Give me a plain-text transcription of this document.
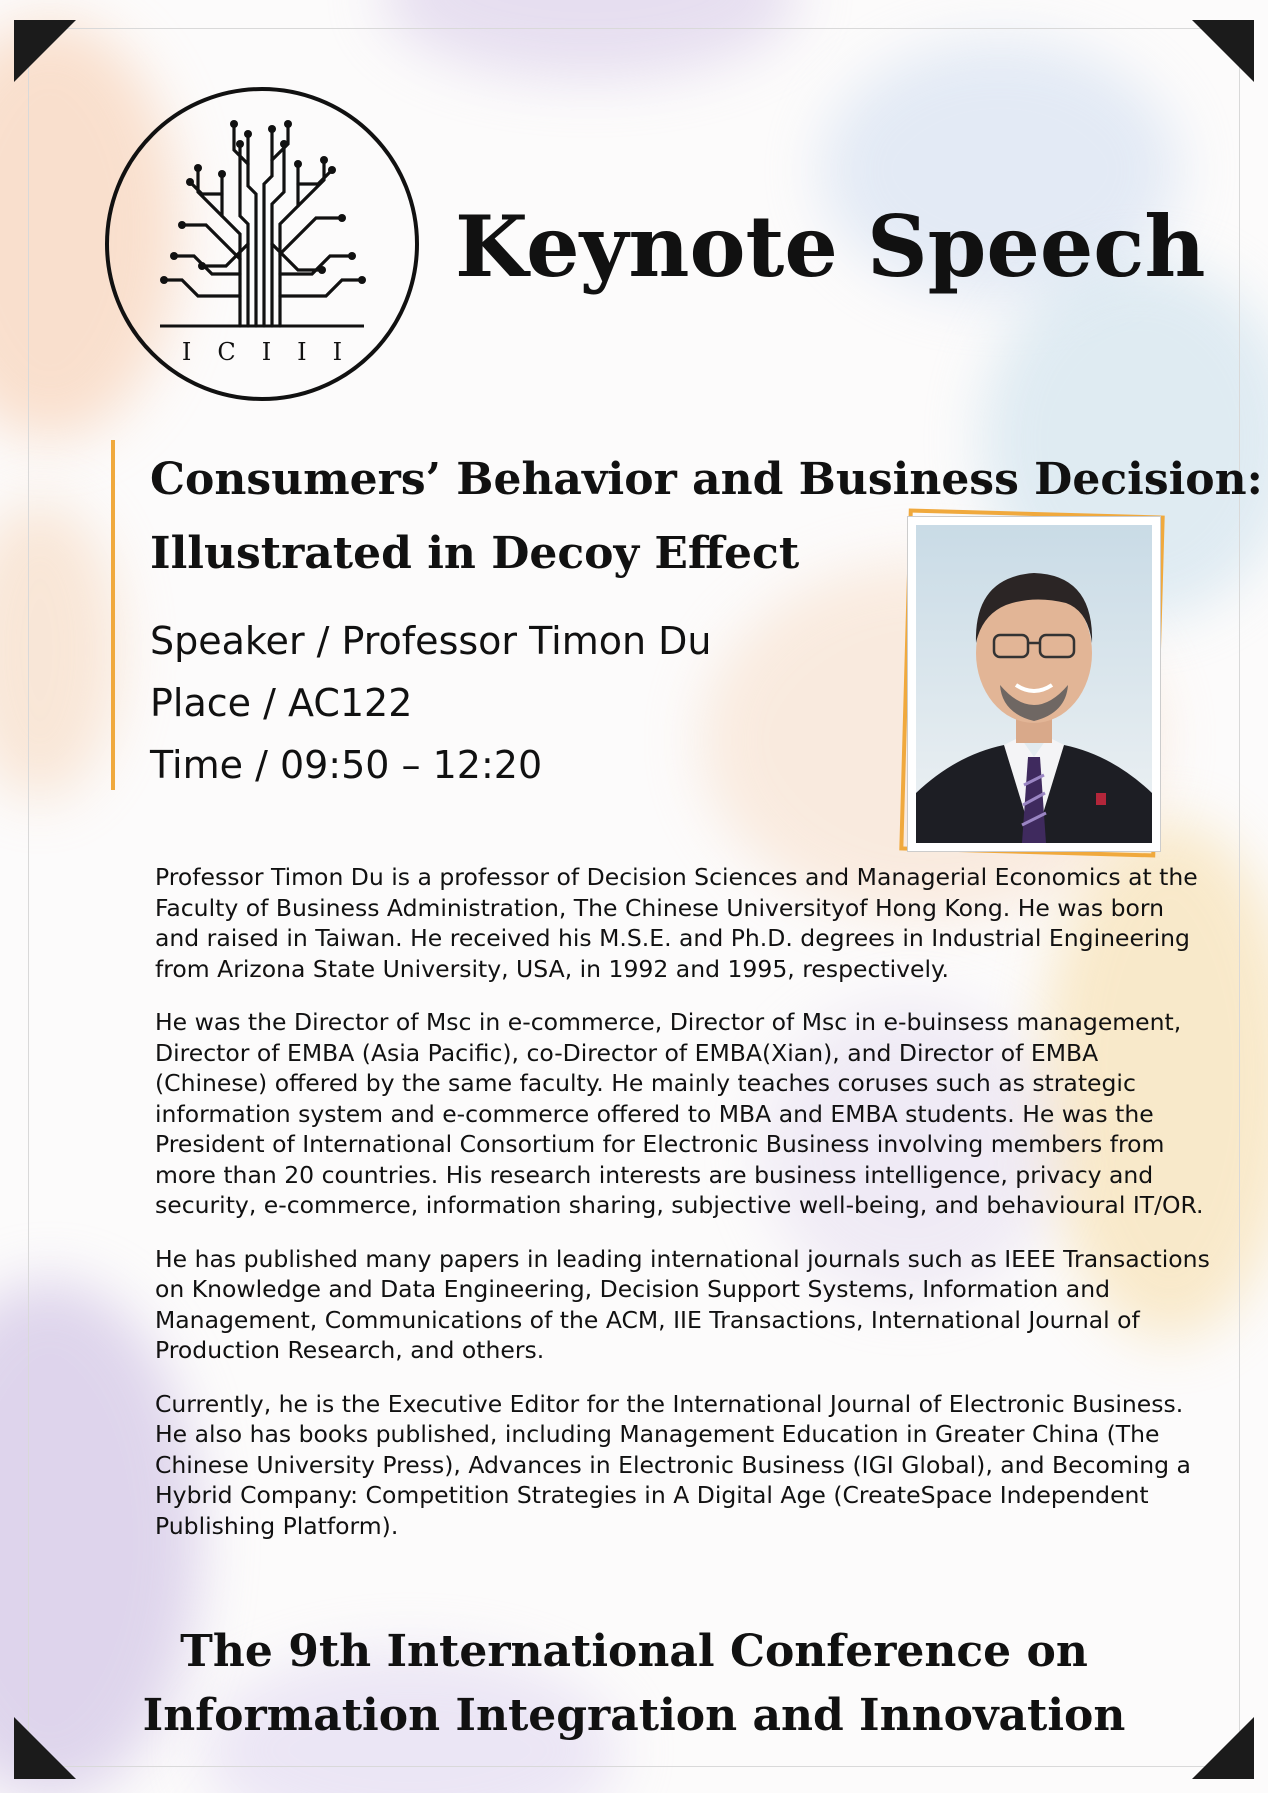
ICIII
Keynote Speech
Consumers’ Behavior and Business Decision:
Illustrated in Decoy Effect
Speaker / Professor Timon Du
Place / AC122
Time / 09:50 – 12:20

Professor Timon Du is a professor of Decision Sciences and Managerial Economics at the Faculty of Business Administration, The Chinese Universityof Hong Kong. He was born and raised in Taiwan. He received his M.S.E. and Ph.D. degrees in Industrial Engineering from Arizona State University, USA, in 1992 and 1995, respectively.

He was the Director of Msc in e-commerce, Director of Msc in e-buinsess management, Director of EMBA (Asia Pacific), co-Director of EMBA(Xian), and Director of EMBA (Chinese) offered by the same faculty. He mainly teaches coruses such as strategic information system and e-commerce offered to MBA and EMBA students. He was the President of International Consortium for Electronic Business involving members from more than 20 countries. His research interests are business intelligence, privacy and security, e-commerce, information sharing, subjective well-being, and behavioural IT/OR.

He has published many papers in leading international journals such as IEEE Transactions on Knowledge and Data Engineering, Decision Support Systems, Information and Management, Communications of the ACM, IIE Transactions, International Journal of Production Research, and others.

Currently, he is the Executive Editor for the International Journal of Electronic Business. He also has books published, including Management Education in Greater China (The Chinese University Press), Advances in Electronic Business (IGI Global), and Becoming a Hybrid Company: Competition Strategies in A Digital Age (CreateSpace Independent Publishing Platform).

The 9th International Conference on
Information Integration and Innovation
